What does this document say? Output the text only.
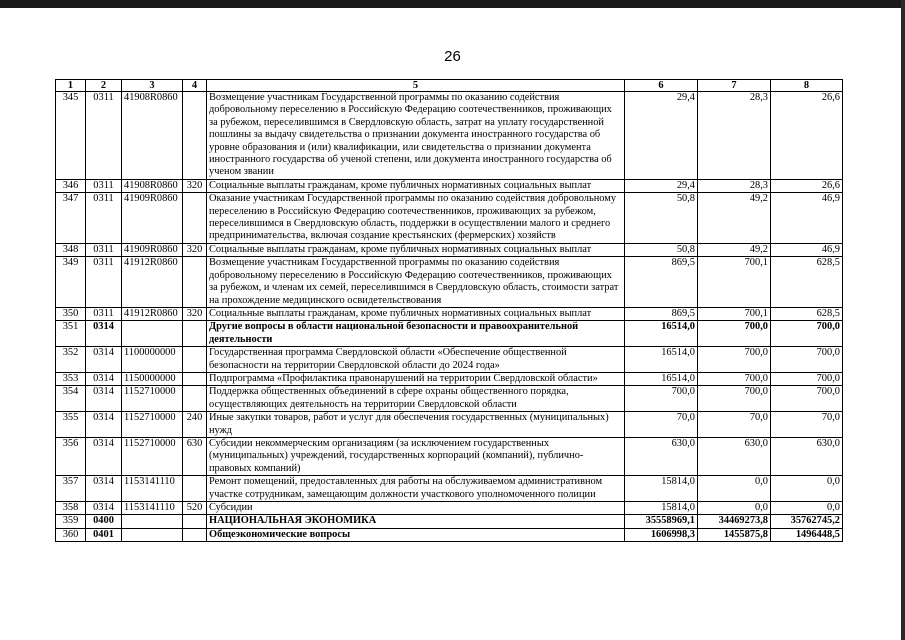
26
1	2	3	4	5	6	7	8
345	0311	41908R0860		Возмещение участникам Государственной программы по оказанию содействия добровольному переселению в Российскую Федерацию соотечественников, проживающих за рубежом, переселившимся в Свердловскую область, затрат на уплату государственной пошлины за выдачу свидетельства о признании документа иностранного государства об уровне образования и (или) квалификации, или свидетельства о признании документа иностранного государства об ученой степени, или документа иностранного государства об ученом звании	29,4	28,3	26,6
346	0311	41908R0860	320	Социальные выплаты гражданам, кроме публичных нормативных социальных выплат	29,4	28,3	26,6
347	0311	41909R0860		Оказание участникам Государственной программы по оказанию содействия добровольному переселению в Российскую Федерацию соотечественников, проживающих за рубежом, переселившимся в Свердловскую область, поддержки в осуществлении малого и среднего предпринимательства, включая создание крестьянских (фермерских) хозяйств	50,8	49,2	46,9
348	0311	41909R0860	320	Социальные выплаты гражданам, кроме публичных нормативных социальных выплат	50,8	49,2	46,9
349	0311	41912R0860		Возмещение участникам Государственной программы по оказанию содействия добровольному переселению в Российскую Федерацию соотечественников, проживающих за рубежом, и членам их семей, переселившимся в Свердловскую область, стоимости затрат на прохождение медицинского освидетельствования	869,5	700,1	628,5
350	0311	41912R0860	320	Социальные выплаты гражданам, кроме публичных нормативных социальных выплат	869,5	700,1	628,5
351	0314			Другие вопросы в области национальной безопасности и правоохранительной деятельности	16514,0	700,0	700,0
352	0314	1100000000		Государственная программа Свердловской области «Обеспечение общественной безопасности на территории Свердловской области до 2024 года»	16514,0	700,0	700,0
353	0314	1150000000		Подпрограмма «Профилактика правонарушений на территории Свердловской области»	16514,0	700,0	700,0
354	0314	1152710000		Поддержка общественных объединений в сфере охраны общественного порядка, осуществляющих деятельность на территории Свердловской области	700,0	700,0	700,0
355	0314	1152710000	240	Иные закупки товаров, работ и услуг для обеспечения государственных (муниципальных) нужд	70,0	70,0	70,0
356	0314	1152710000	630	Субсидии некоммерческим организациям (за исключением государственных (муниципальных) учреждений, государственных корпораций (компаний), публично-правовых компаний)	630,0	630,0	630,0
357	0314	1153141110		Ремонт помещений, предоставленных для работы на обслуживаемом административном участке сотрудникам, замещающим должности участкового уполномоченного полиции	15814,0	0,0	0,0
358	0314	1153141110	520	Субсидии	15814,0	0,0	0,0
359	0400			НАЦИОНАЛЬНАЯ ЭКОНОМИКА	35558969,1	34469273,8	35762745,2
360	0401			Общеэкономические вопросы	1606998,3	1455875,8	1496448,5
